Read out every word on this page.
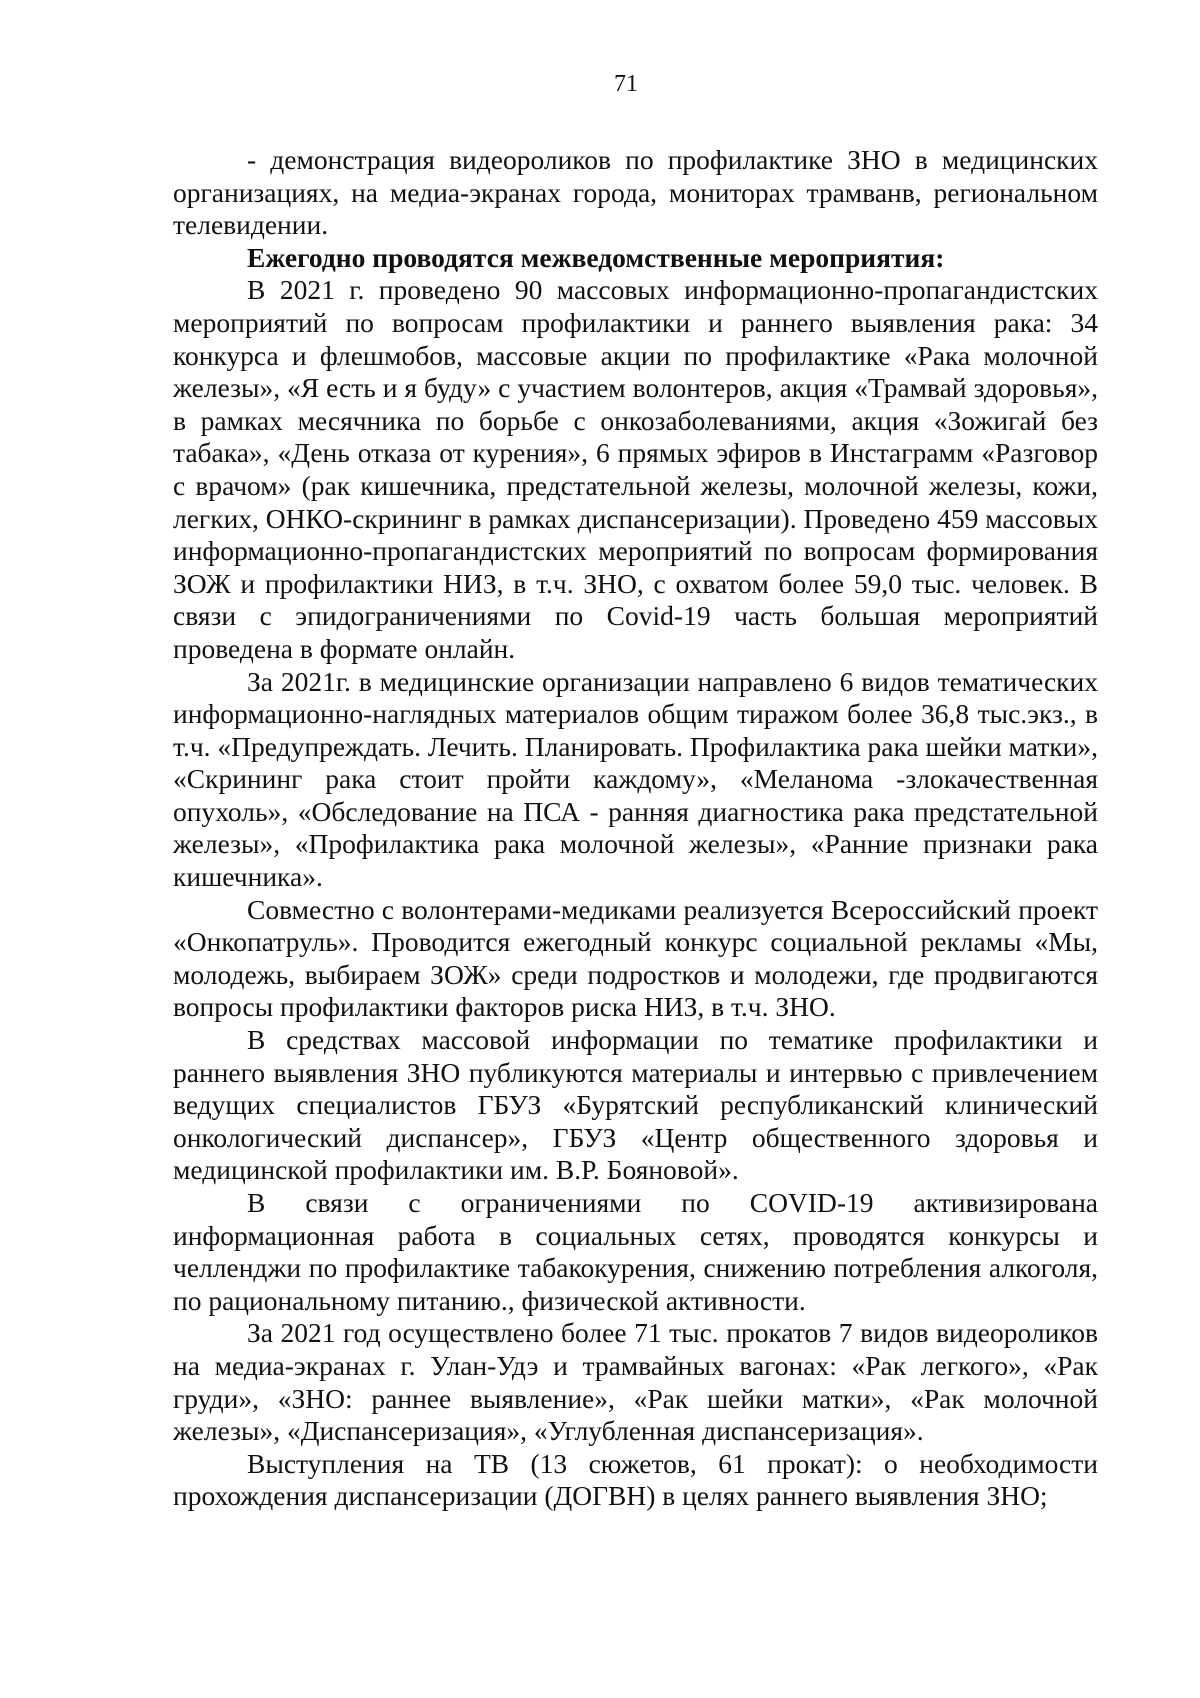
71

- демонстрация видеороликов по профилактике ЗНО в медицинских организациях, на медиа-экранах города, мониторах трамванв, региональном телевидении.

Ежегодно проводятся межведомственные мероприятия:

В 2021 г. проведено 90 массовых информационно-пропагандистских мероприятий по вопросам профилактики и раннего выявления рака: 34 конкурса и флешмобов, массовые акции по профилактике «Рака молочной железы», «Я есть и я буду» с участием волонтеров, акция «Трамвай здоровья», в рамках месячника по борьбе с онкозаболеваниями, акция «Зожигай без табака», «День отказа от курения», 6 прямых эфиров в Инстаграмм «Разговор с врачом» (рак кишечника, предстательной железы, молочной железы, кожи, легких, ОНКО-скрининг в рамках диспансеризации). Проведено 459 массовых информационно-пропагандистских мероприятий по вопросам формирования ЗОЖ и профилактики НИЗ, в т.ч. ЗНО, с охватом более 59,0 тыс. человек. В связи с эпидограничениями по Covid-19 часть большая мероприятий проведена в формате онлайн.

За 2021г. в медицинские организации направлено 6 видов тематических информационно-наглядных материалов общим тиражом более 36,8 тыс.экз., в т.ч. «Предупреждать. Лечить. Планировать. Профилактика рака шейки матки», «Скрининг рака стоит пройти каждому», «Меланома -злокачественная опухоль», «Обследование на ПСА - ранняя диагностика рака предстательной железы», «Профилактика рака молочной железы», «Ранние признаки рака кишечника».

Совместно с волонтерами-медиками реализуется Всероссийский проект «Онкопатруль». Проводится ежегодный конкурс социальной рекламы «Мы, молодежь, выбираем ЗОЖ» среди подростков и молодежи, где продвигаются вопросы профилактики факторов риска НИЗ, в т.ч. ЗНО.

В средствах массовой информации по тематике профилактики и раннего выявления ЗНО публикуются материалы и интервью с привлечением ведущих специалистов ГБУЗ «Бурятский республиканский клинический онкологический диспансер», ГБУЗ «Центр общественного здоровья и медицинской профилактики им. В.Р. Бояновой».

В связи с ограничениями по COVID-19 активизирована информационная работа в социальных сетях, проводятся конкурсы и челленджи по профилактике табакокурения, снижению потребления алкоголя, по рациональному питанию., физической активности.

За 2021 год осуществлено более 71 тыс. прокатов 7 видов видеороликов на медиа-экранах г. Улан-Удэ и трамвайных вагонах: «Рак легкого», «Рак груди», «ЗНО: раннее выявление», «Рак шейки матки», «Рак молочной железы», «Диспансеризация», «Углубленная диспансеризация».

Выступления на ТВ (13 сюжетов, 61 прокат): о необходимости прохождения диспансеризации (ДОГВН) в целях раннего выявления ЗНО;
